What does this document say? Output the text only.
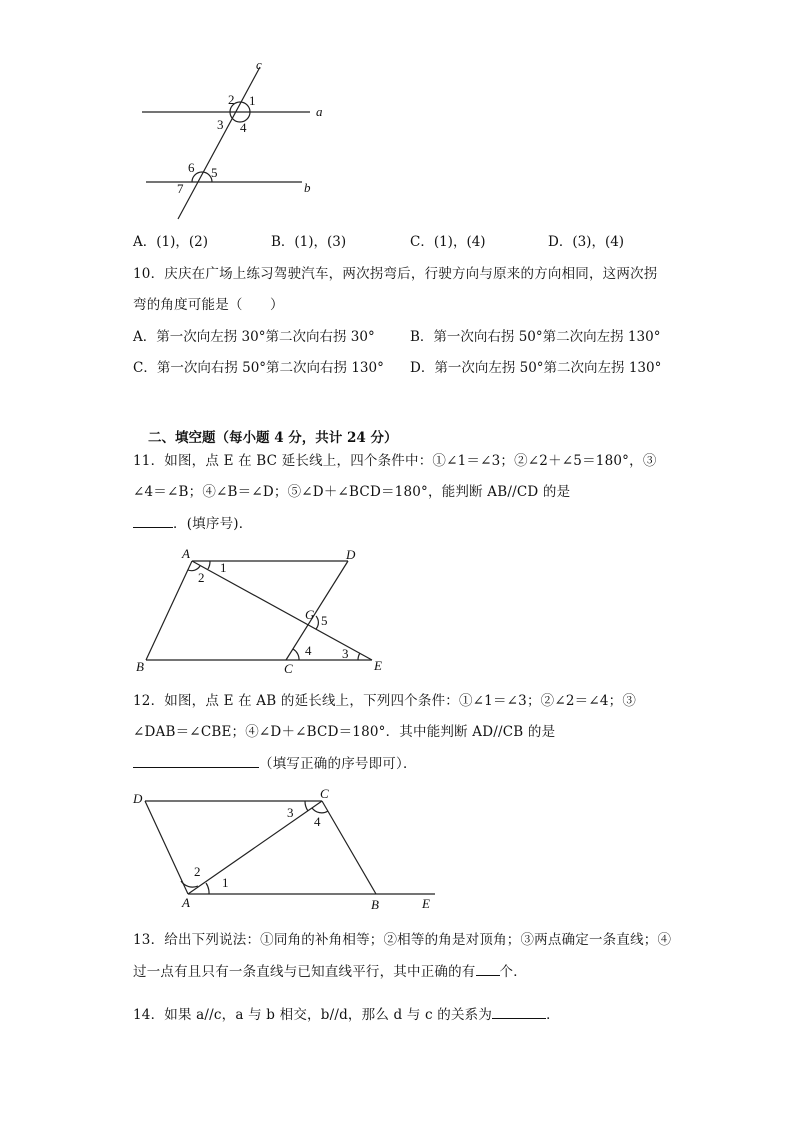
c
a
b
2 1
3 4
6 5
7
A．(1)，(2)	B．(1)，(3)	C．(1)，(4)	D．(3)，(4)
10．庆庆在广场上练习驾驶汽车，两次拐弯后，行驶方向与原来的方向相同，这两次拐
弯的角度可能是（　　）
A．第一次向左拐 30°第二次向右拐 30°	B．第一次向右拐 50°第二次向左拐 130°
C．第一次向右拐 50°第二次向右拐 130° D．第一次向左拐 50°第二次向左拐 130°
二、填空题（每小题 4 分，共计 24 分）
11．如图，点 E 在 BC 延长线上，四个条件中：①∠1＝∠3；②∠2＋∠5＝180°，③
∠4＝∠B；④∠B＝∠D；⑤∠D＋∠BCD＝180°，能判断 AB//CD 的是
．(填序号)．
A	D
B	C	E
G
1
2
3
4
5
12．如图，点 E 在 AB 的延长线上，下列四个条件：①∠1＝∠3；②∠2＝∠4；③
∠DAB＝∠CBE；④∠D＋∠BCD＝180°．其中能判断 AD//CB 的是
（填写正确的序号即可）．
D	C
A	B	E
1
2
3
4
13．给出下列说法：①同角的补角相等；②相等的角是对顶角；③两点确定一条直线；④
过一点有且只有一条直线与已知直线平行，其中正确的有 个．
14．如果 a//c，a 与 b 相交，b//d，那么 d 与 c 的关系为	．
